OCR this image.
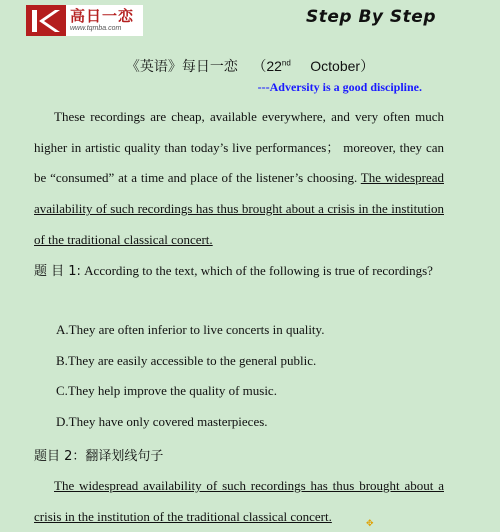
高日一恋
www.tqmba.com
Step By Step
《英语》每日一恋 （22nd October）
---Adversity is a good discipline.
These recordings are cheap, available everywhere, and very often much higher in artistic quality than today’s live performances； moreover, they can be “consumed” at a time and place of the listener’s choosing. The widespread availability of such recordings has thus brought about a crisis in the institution of the traditional classical concert.
题 目 1: According to the text, which of the following is true of recordings?
A.They are often inferior to live concerts in quality.
B.They are easily accessible to the general public.
C.They help improve the quality of music.
D.They have only covered masterpieces.
题目 2：翻译划线句子
The widespread availability of such recordings has thus brought about a crisis in the institution of the traditional classical concert.
✥
